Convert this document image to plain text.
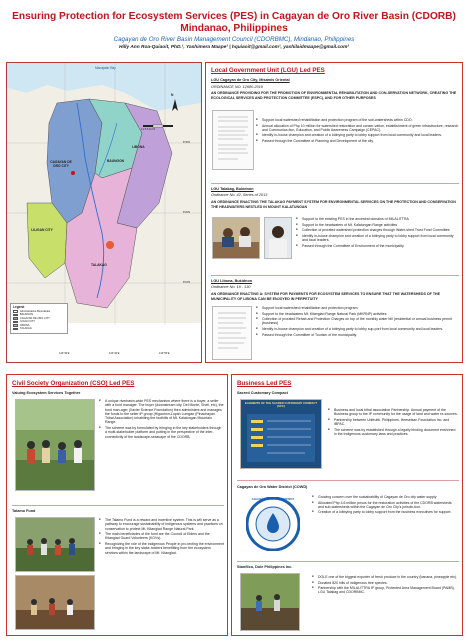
Ensuring Protection for Ecosystem Services (PES) in Cagayan de Oro River Basin (CDORB)
Mindanao, Philippines
Cagayan de Oro River Basin Management Council (CDORBMC), Mindanao, Philippines
Hilly Ann Roa-Quiaoit, PhD.¹, Yashimera Maape² | hquiaoit@gmail.com¹, yashilaidmaape@gmail.com²
Macajalar Bay
N
0 2.5 5 10 15
CAGAYAN DE ORO CITY
BAUNGON
LIBONA
LILIGAN CITY
TALAKAG
Legend
Administrative Boundaries
BAUNGON
CAGAYAN DE ORO CITY
ILIGAN CITY
LIBONA
TALAKAG
124°30'E	124°40'E	124°50'E
8°30'N
8°20'N
8°10'N
Local Government Unit (LGU) Led PES
LGU Cagayan de Oro City, Misamis Oriental
ORDINANCE NO. 12680-2019
AN ORDINANCE PROVIDING FOR THE PROMOTION OF ENVIRONMENTAL REHABILITATION AND CON-SERVATION NETWORK, CREATING THE ECOLOGICAL SERVICES AND PROTECTION COMMITTEE (ESPC), AND FOR OTHER PURPOSES
■ Support local watershed rehabilitation and protection program of the sub-watersheds within CDO.
■ Annual allocation of Php 10 million for watershed restoration and conser-vation, establishment of green infrastructure, research and Communica-tion, Education, and Public Awareness Campaign (CEPAC).
■ Identify in-house champion and creation of a lobbying party to lobby support from local community and local leaders.
■ Passed through the Committee of Planning and Development of the city.
LGU Talakag, Bukidnon
Ordinance No. 42, Series of 2013
AN ORDINANCE ENACTING THE TALAKAG PAYMENT SYSTEM FOR ENVIRONMENTAL SERVICES ON THE PROTECTION AND CONSERVATION THE HEADWATERS NESTLED IN MOUNT KALATUNGAN
■ Support to the existing PES in the ancestral domains of MILALITTRA
■ Support to the headwaters of Mt. Kalatungan Range activities
■ Collection of prorated watershed protection charges through Water-shed Trust Fund Committee.
■ Identify in-house champion and creation of a lobbying party to lobby support from local community and local leaders.
■ Passed through the Committee of Environment of the municipality.
LGU Libona, Bukidnon
Ordinance No. 19 - 130
AN ORDINANCE ENACTING A: SYSTEM FOR PAYMENTS FOR ECOSYSTEM SERVICES TO ENSURE THAT THE WATERSHEDS OF THE MUNICIPALITY OF LIBONA CAN BE ENJOYED IN PERPETUITY
■ Support local watershed rehabilitation and protection program
■ Support to the headwaters Mt. Kitanglad Range Natural Park (MKRNP) activities
■ Collection of prorated Rehab and Protection Charges on top of the monthly water bill (residential or annual business permit (business)
■ Identify in-house champion and creation of a lobbying party to lobby sup-port from local community and local leaders.
■ Passed through the Committee of Tourism of the municipality.
Civil Society Organization (CSO) Led PES
Valuing Ecosystem Services Together
■ A unique riverbasin-wide PES mechanism where there is a buyer, a seller with a fund manager. The buyer (downstream city, Del Monte, Shell, etc), the fund man-ager (Xavier Science Foundation) then administers and manages the funds to the seller IP group (Higaonon-Lupah Lumgan (Pinaohayan Tribal Association) inhabiting the foothills of Mt. Kalatungan Mountain Range.
■ The scheme was by formulated by bringing in the key stakeholders through a multi-stakeholder platform and putting in the perspective of the inter-connectivity of the landscape-seascape of the CDORB.
Talamo Fund
■ The Talamo Fund is a reward and incentive system. This is will serve as a pathway to encourage sustainability of indigenous systems and practices on conservation to protect Mt. Kitanglad Range Natural Park.
■ The main beneficiaries of the fund are the Council of Elders and the Kitanglad Guard Volunteers (KGVs).
■ Recognizing the role of the Indigenous People in pro-tecting the environment and bringing in the key stake-holders benefitting from the ecosystem services within the landscape of Mt. Kitanglad.
Business Led PES
Sacred Customary Compact
ELEMENTS OF THE SACRED CUSTOMARY COMPACT (SCC)
■ Business and local tribal association Partnership. Annual payment of the Business group to the IP community for the usage of land and water re-sources.
■ Partnership between Unifruitti, Philippines, Heeselsan Foundation Inc. and IBPAC.
■ The scheme was by established through a legally binding document enshrined in the Indigenous customary laws and practices.
Cagayan de Oro Water District (COWD)
CAGAYAN DE ORO WATER DISTRICT
■ Growing concern over the sustainability of Cagayan de Oro city water supply
■ Allocated Php 4.6 million pesos for the restoration activities of the CDORB watersheds and sub-watersheds within the Cagayan de Oro City's jurisdic-tion.
■ Creation of a lobbying party to lobby support from the business executives for support.
Stanfilco, Dole Philippines Inc.
■ DOLE one of the biggest exporter of fresh produce in the country (banana, pineapple etc).
■ Donated 820 hills of indigenous tree species.
■ Partnership with the MILALITTRA IP group, Protected Area Management Board (PAMB), LGU Talakag and CDORBMC.
